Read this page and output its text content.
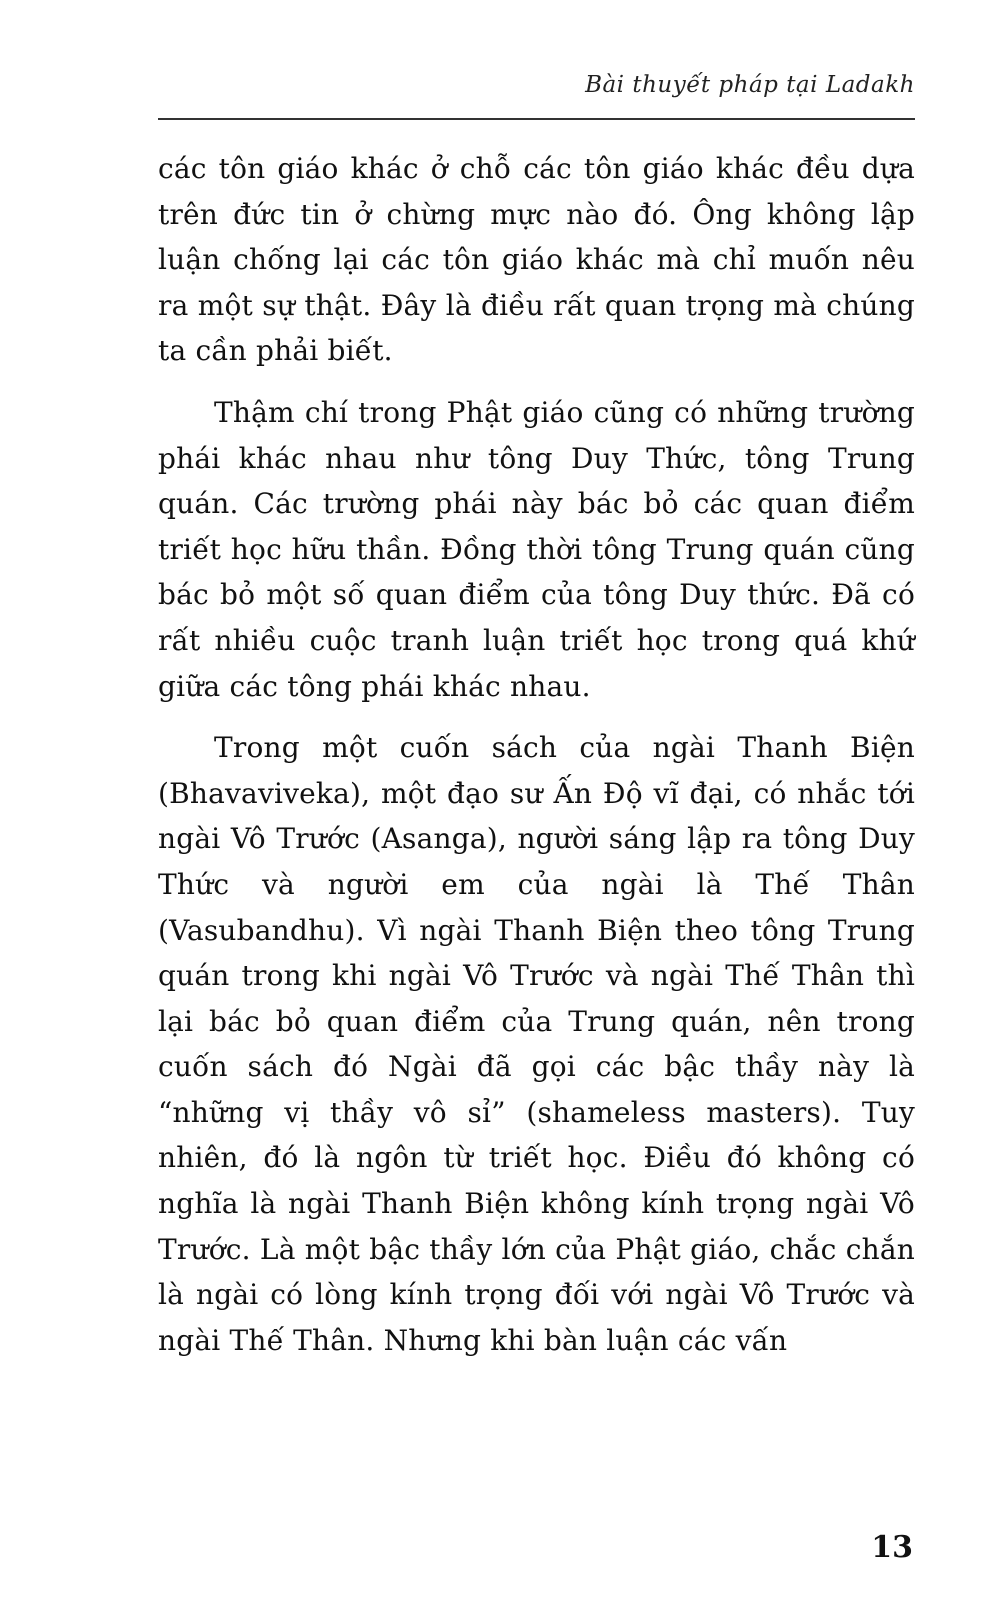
Bài thuyết pháp tại Ladakh

các tôn giáo khác ở chỗ các tôn giáo khác đều dựa trên đức tin ở chừng mực nào đó. Ông không lập luận chống lại các tôn giáo khác mà chỉ muốn nêu ra một sự thật. Đây là điều rất quan trọng mà chúng ta cần phải biết.

Thậm chí trong Phật giáo cũng có những trường phái khác nhau như tông Duy Thức, tông Trung quán. Các trường phái này bác bỏ các quan điểm triết học hữu thần. Đồng thời tông Trung quán cũng bác bỏ một số quan điểm của tông Duy thức. Đã có rất nhiều cuộc tranh luận triết học trong quá khứ giữa các tông phái khác nhau.

Trong một cuốn sách của ngài Thanh Biện (Bhavaviveka), một đạo sư Ấn Độ vĩ đại, có nhắc tới ngài Vô Trước (Asanga), người sáng lập ra tông Duy Thức và người em của ngài là Thế Thân (Vasubandhu). Vì ngài Thanh Biện theo tông Trung quán trong khi ngài Vô Trước và ngài Thế Thân thì lại bác bỏ quan điểm của Trung quán, nên trong cuốn sách đó Ngài đã gọi các bậc thầy này là “những vị thầy vô sỉ” (shameless masters). Tuy nhiên, đó là ngôn từ triết học. Điều đó không có nghĩa là ngài Thanh Biện không kính trọng ngài Vô Trước. Là một bậc thầy lớn của Phật giáo, chắc chắn là ngài có lòng kính trọng đối với ngài Vô Trước và ngài Thế Thân. Nhưng khi bàn luận các vấn

13
